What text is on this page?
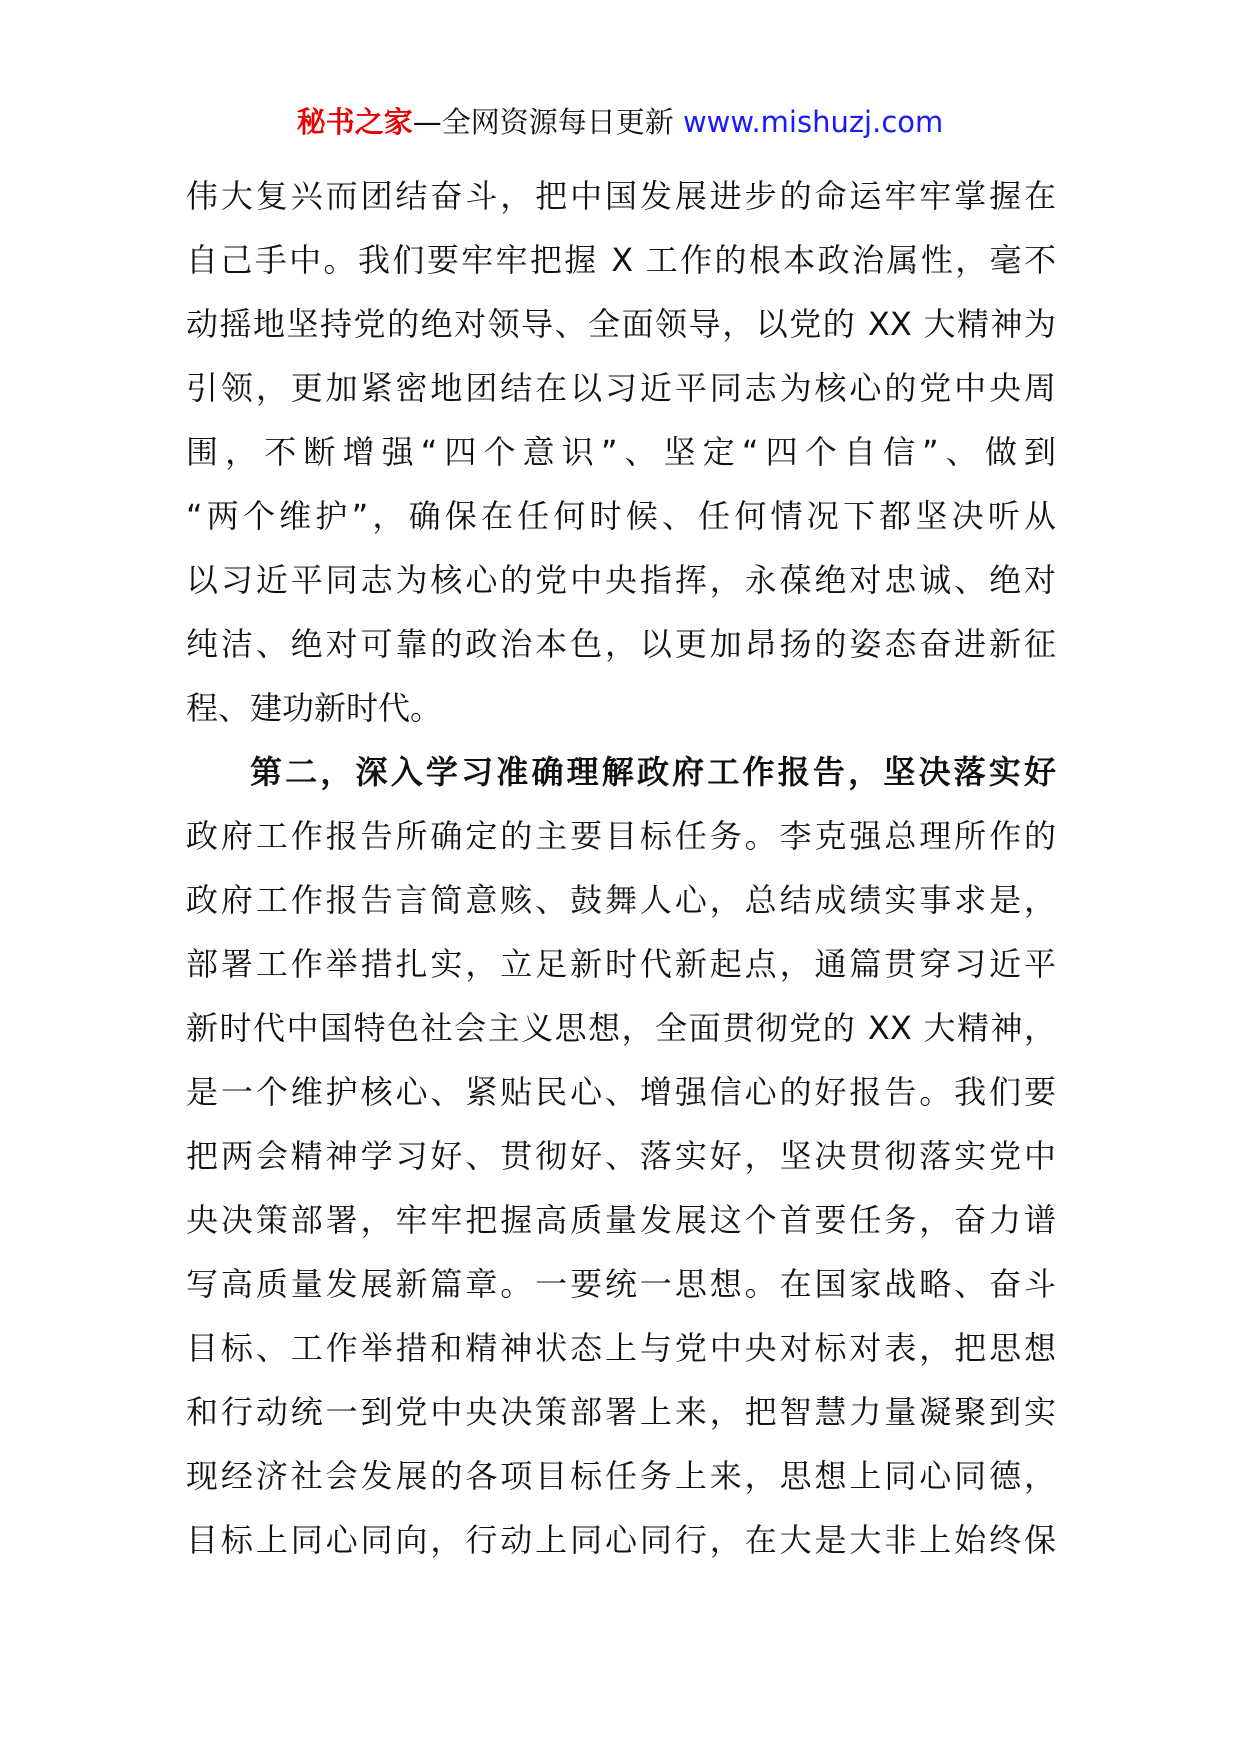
秘书之家—全网资源每日更新 www.mishuzj.com
伟大复兴而团结奋斗，把中国发展进步的命运牢牢掌握在
自己手中。我们要牢牢把握 X 工作的根本政治属性，毫不
动摇地坚持党的绝对领导、全面领导，以党的 XX 大精神为
引领，更加紧密地团结在以习近平同志为核心的党中央周
围，不断增强“四个意识”、坚定“四个自信”、做到
“两个维护”，确保在任何时候、任何情况下都坚决听从
以习近平同志为核心的党中央指挥，永葆绝对忠诚、绝对
纯洁、绝对可靠的政治本色，以更加昂扬的姿态奋进新征
程、建功新时代。
第二，深入学习准确理解政府工作报告，坚决落实好
政府工作报告所确定的主要目标任务。李克强总理所作的
政府工作报告言简意赅、鼓舞人心，总结成绩实事求是，
部署工作举措扎实，立足新时代新起点，通篇贯穿习近平
新时代中国特色社会主义思想，全面贯彻党的 XX 大精神，
是一个维护核心、紧贴民心、增强信心的好报告。我们要
把两会精神学习好、贯彻好、落实好，坚决贯彻落实党中
央决策部署，牢牢把握高质量发展这个首要任务，奋力谱
写高质量发展新篇章。一要统一思想。在国家战略、奋斗
目标、工作举措和精神状态上与党中央对标对表，把思想
和行动统一到党中央决策部署上来，把智慧力量凝聚到实
现经济社会发展的各项目标任务上来，思想上同心同德，
目标上同心同向，行动上同心同行，在大是大非上始终保
